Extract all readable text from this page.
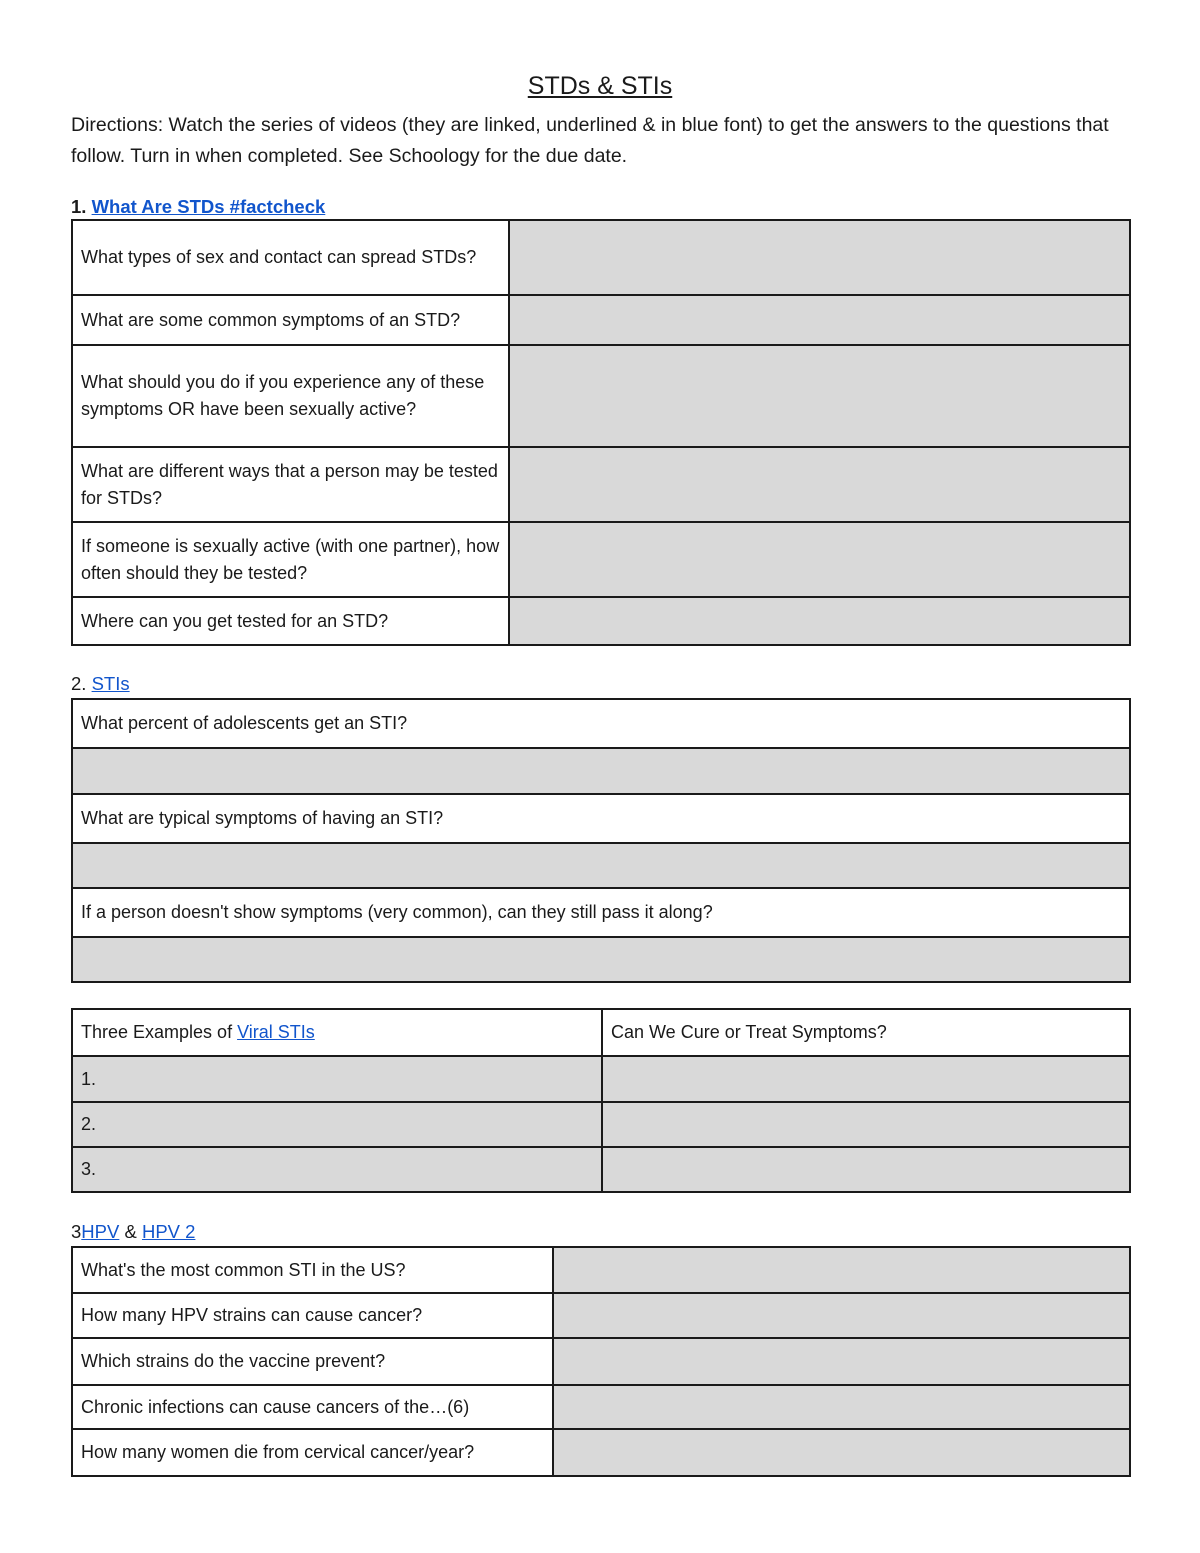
STDs & STIs
Directions: Watch the series of videos (they are linked, underlined & in blue font) to get the answers to the questions that follow. Turn in when completed. See Schoology for the due date.
1. What Are STDs #factcheck
What types of sex and contact can spread STDs?	
What are some common symptoms of an STD?	
What should you do if you experience any of these symptoms OR have been sexually active?	
What are different ways that a person may be tested for STDs?	
If someone is sexually active (with one partner), how often should they be tested?	
Where can you get tested for an STD?	
2. STIs
What percent of adolescents get an STI?

What are typical symptoms of having an STI?

If a person doesn't show symptoms (very common), can they still pass it along?

Three Examples of Viral STIs	Can We Cure or Treat Symptoms?
1.	
2.	
3.	
3HPV & HPV 2
What's the most common STI in the US?	
How many HPV strains can cause cancer?	
Which strains do the vaccine prevent?	
Chronic infections can cause cancers of the…(6)	
How many women die from cervical cancer/year?	
